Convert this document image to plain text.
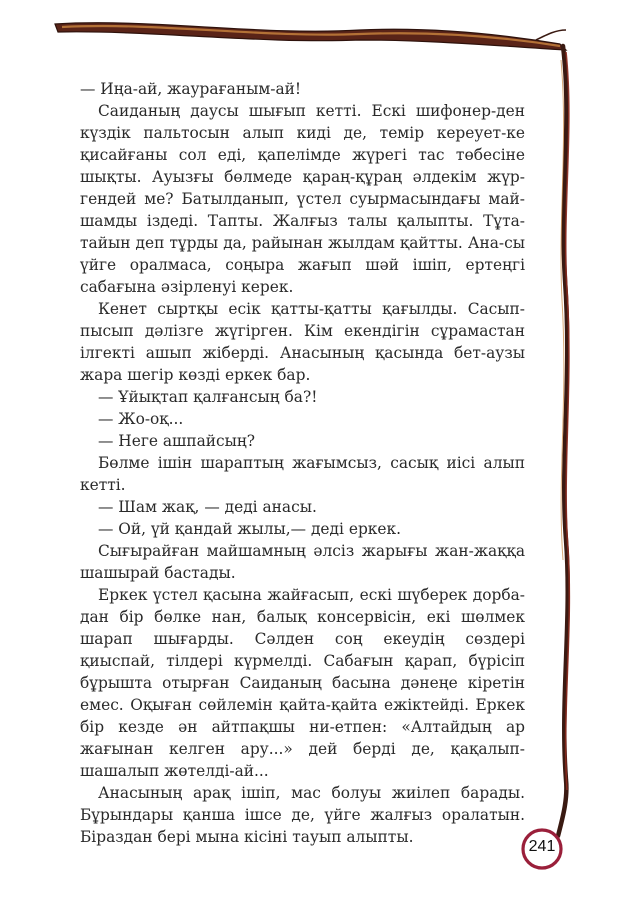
— Иңа-ай, жаурағаным-ай!

Саиданың даусы шығып кетті. Ескі шифонер-ден күздік пальтосын алып киді де, темір кереует-ке қисайғаны сол еді, қапелімде жүрегі тас төбесіне шықты. Ауызғы бөлмеде қараң-құраң әлдекім жүр-гендей ме? Батылданып, үстел суырмасындағы май-шамды іздеді. Тапты. Жалғыз талы қалыпты. Тұта-тайын деп тұрды да, райынан жылдам қайтты. Ана-сы үйге оралмаса, соңыра жағып шәй ішіп, ертеңгі сабағына әзірленуі керек.

Кенет сыртқы есік қатты-қатты қағылды. Сасып-пысып дәлізге жүгірген. Кім екендігін сұрамастан ілгекті ашып жіберді. Анасының қасында бет-аузы жара шегір көзді еркек бар.

— Ұйықтап қалғансың ба?!

— Жо-оқ...

— Неге ашпайсың?

Бөлме ішін шараптың жағымсыз, сасық иісі алып кетті.

— Шам жақ, — деді анасы.

— Ой, үй қандай жылы,— деді еркек.

Сығырайған майшамның әлсіз жарығы жан-жаққа шашырай бастады.

Еркек үстел қасына жайғасып, ескі шүберек дорба-дан бір бөлке нан, балық консервісін, екі шөлмек шарап шығарды. Сәлден соң екеудің сөздері қиыспай, тілдері күрмелді. Сабағын қарап, бүрісіп бұрышта отырған Саиданың басына дәнеңе кіретін емес. Оқыған сөйлемін қайта-қайта ежіктейді. Еркек бір кезде ән айтпақшы ни-етпен: «Алтайдың ар жағынан келген ару...» дей берді де, қақалып-шашалып жөтелді-ай...

Анасының арақ ішіп, мас болуы жиілеп барады. Бұрындары қанша ішсе де, үйге жалғыз оралатын. Біраздан бері мына кісіні тауып алыпты.

241
